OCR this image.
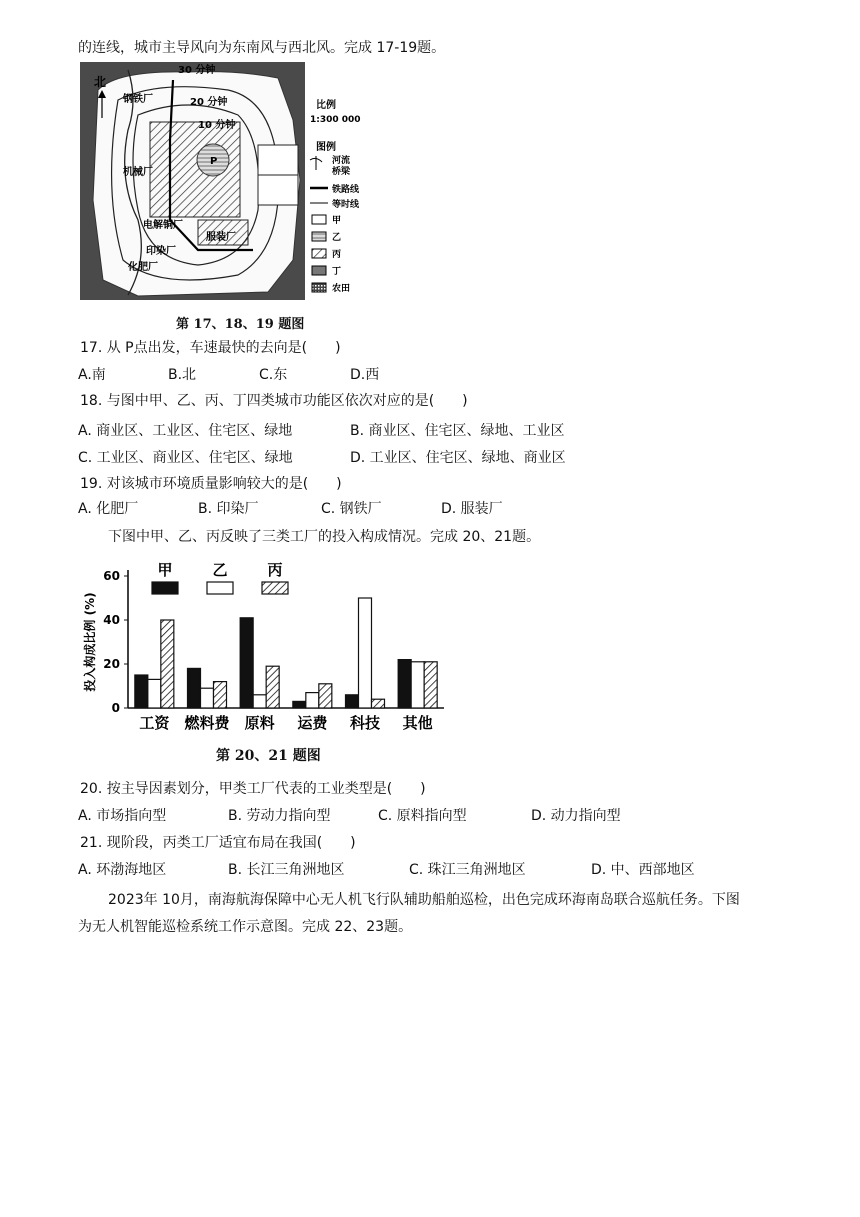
的连线，城市主导风向为东南风与西北风。完成 17-19题。
北
30 分钟
20 分钟
10 分钟
P
钢铁厂
机械厂
电解铜厂
印染厂
化肥厂
服装厂
比例
1:300 000
图例
河流
桥梁
铁路线
等时线
甲
乙
丙
丁
农田
第 17、18、19 题图
17. 从 P点出发，车速最快的去向是(　　)
A.南	B.北	C.东	D.西
18. 与图中甲、乙、丙、丁四类城市功能区依次对应的是(　　)
A. 商业区、工业区、住宅区、绿地	B. 商业区、住宅区、绿地、工业区
C. 工业区、商业区、住宅区、绿地	D. 工业区、住宅区、绿地、商业区
19. 对该城市环境质量影响较大的是(　　)
A. 化肥厂	B. 印染厂	C. 钢铁厂	D. 服装厂
下图中甲、乙、丙反映了三类工厂的投入构成情况。完成 20、21题。
0
20
40
60
投入构成比例 (%)
工资 燃料费 原料 运费 科技 其他
甲	乙	丙
第 20、21 题图
20. 按主导因素划分，甲类工厂代表的工业类型是(　　)
A. 市场指向型	B. 劳动力指向型	C. 原料指向型	D. 动力指向型
21. 现阶段，丙类工厂适宜布局在我国(　　)
A. 环渤海地区	B. 长江三角洲地区	C. 珠江三角洲地区	D. 中、西部地区
2023年 10月，南海航海保障中心无人机飞行队辅助船舶巡检，出色完成环海南岛联合巡航任务。下图
为无人机智能巡检系统工作示意图。完成 22、23题。
